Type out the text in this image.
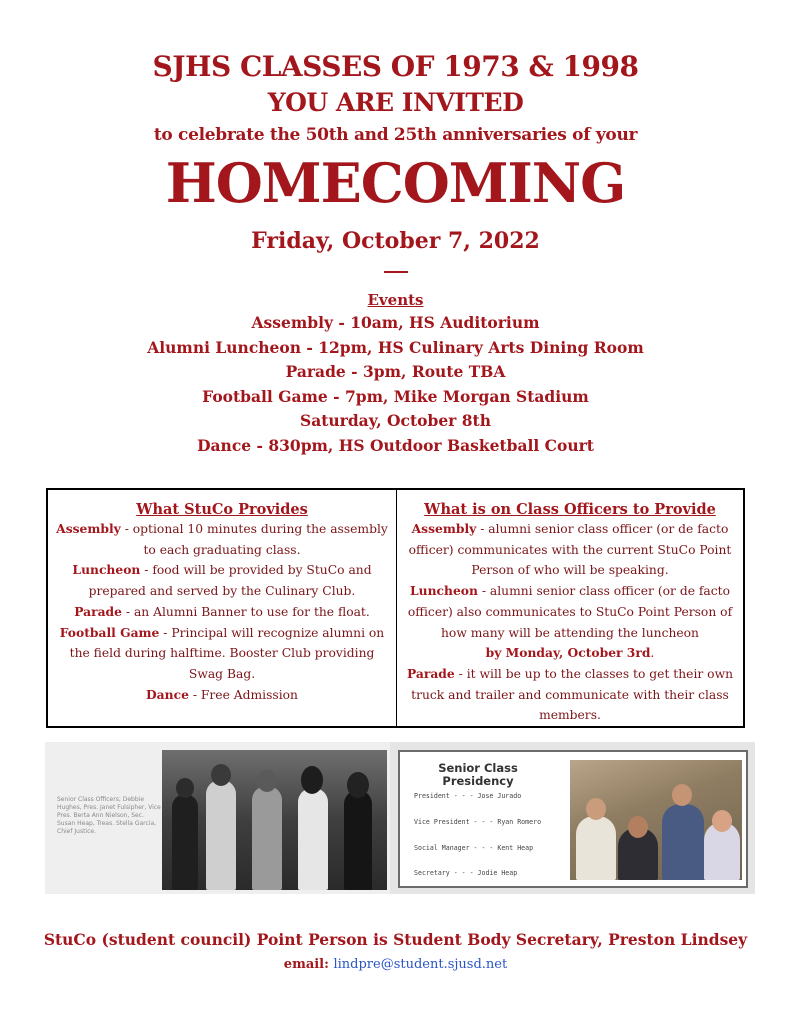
SJHS CLASSES OF 1973 & 1998
YOU ARE INVITED
to celebrate the 50th and 25th anniversaries of your
HOMECOMING
Friday, October 7, 2022
Events
Assembly - 10am, HS Auditorium
Alumni Luncheon - 12pm, HS Culinary Arts Dining Room
Parade - 3pm, Route TBA
Football Game - 7pm, Mike Morgan Stadium
Saturday, October 8th
Dance - 830pm, HS Outdoor Basketball Court
What StuCo Provides
Assembly - optional 10 minutes during the assembly to each graduating class.
Luncheon - food will be provided by StuCo and prepared and served by the Culinary Club.
Parade - an Alumni Banner to use for the float.
Football Game - Principal will recognize alumni on the field during halftime. Booster Club providing Swag Bag.
Dance - Free Admission
What is on Class Officers to Provide
Assembly - alumni senior class officer (or de facto officer) communicates with the current StuCo Point Person of who will be speaking.
Luncheon - alumni senior class officer (or de facto officer) also communicates to StuCo Point Person of how many will be attending the luncheon
by Monday, October 3rd.
Parade - it will be up to the classes to get their own truck and trailer and communicate with their class members.
Senior Class Officers; Debbie Hughes, Pres. Janet Fulsipher, Vice Pres. Berta Ann Nielson, Sec. Susan Heap, Treas. Stella Garcia, Chief Justice.
Senior Class Presidency
President - - - Jose Jurado
Vice President - - - Ryan Romero
Social Manager - - - Kent Heap
Secretary - - - Jodie Heap
StuCo (student council) Point Person is Student Body Secretary, Preston Lindsey
email: lindpre@student.sjusd.net
